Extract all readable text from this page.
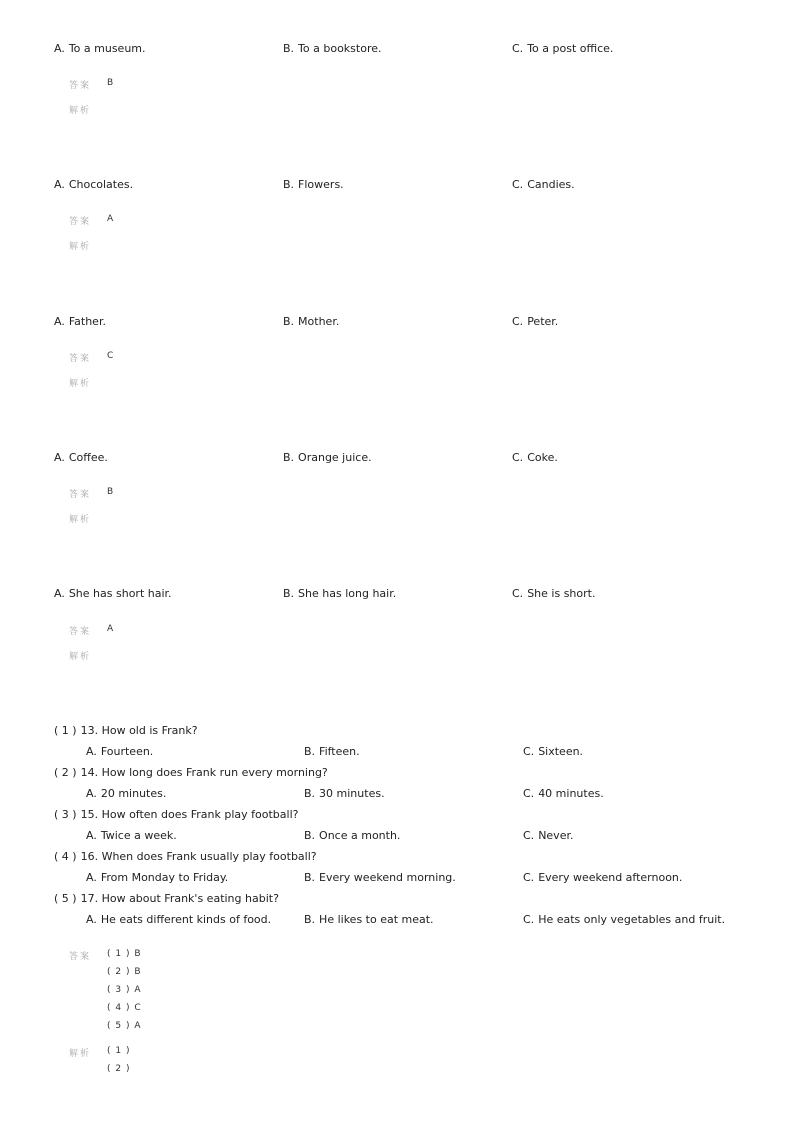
A. To a museum.	B. To a bookstore.	C. To a post office.
答案 B
解析
A. Chocolates.	B. Flowers.	C. Candies.
答案 A
解析
A. Father.	B. Mother.	C. Peter.
答案 C
解析
A. Coffee.	B. Orange juice.	C. Coke.
答案 B
解析
A. She has short hair.	B. She has long hair.	C. She is short.
答案 A
解析
( 1 ) 13. How old is Frank?
A. Fourteen.	B. Fifteen.	C. Sixteen.
( 2 ) 14. How long does Frank run every morning?
A. 20 minutes.	B. 30 minutes.	C. 40 minutes.
( 3 ) 15. How often does Frank play football?
A. Twice a week.	B. Once a month.	C. Never.
( 4 ) 16. When does Frank usually play football?
A. From Monday to Friday.	B. Every weekend morning.	C. Every weekend afternoon.
( 5 ) 17. How about Frank's eating habit?
A. He eats different kinds of food.	B. He likes to eat meat.	C. He eats only vegetables and fruit.
答案 ( 1 ) B
( 2 ) B
( 3 ) A
( 4 ) C
( 5 ) A
解析 ( 1 )
( 2 )
